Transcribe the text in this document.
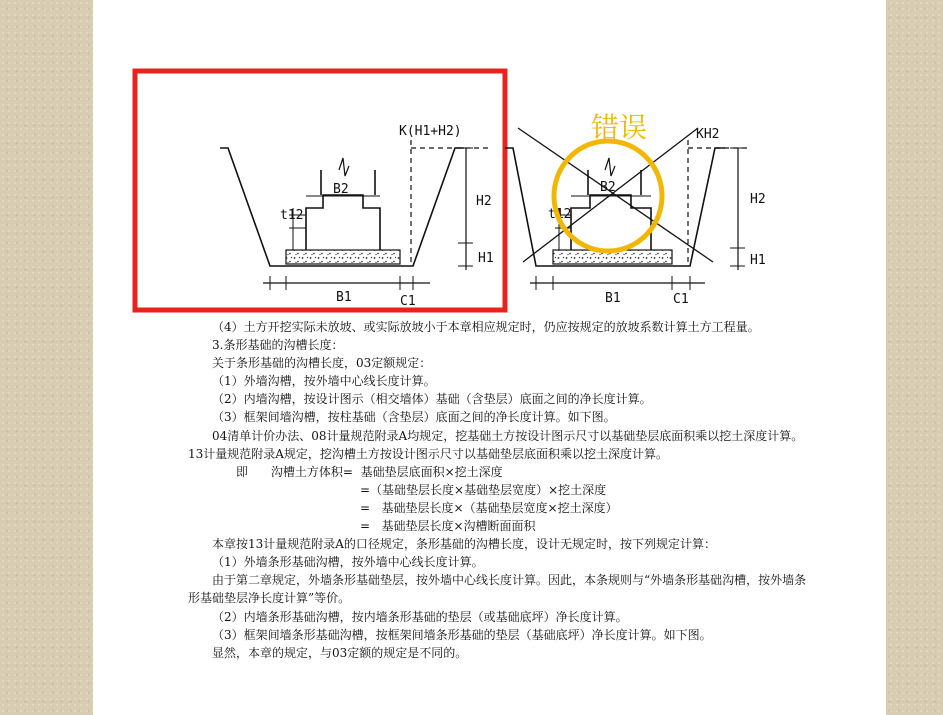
K(H1+H2)
H2
H1
B2
t12
B1	C1
KH2
H2
H1
B2
t12
B1	C1
错误

（4）土方开挖实际未放坡、或实际放坡小于本章相应规定时，仍应按规定的放坡系数计算土方工程量。

3.条形基础的沟槽长度：

关于条形基础的沟槽长度，03定额规定：

（1）外墙沟槽，按外墙中心线长度计算。

（2）内墙沟槽，按设计图示（相交墙体）基础（含垫层）底面之间的净长度计算。

（3）框架间墙沟槽，按柱基础（含垫层）底面之间的净长度计算。如下图。

04清单计价办法、08计量规范附录A均规定，挖基础土方按设计图示尺寸以基础垫层底面积乘以挖土深度计算。13计量规范附录A规定，挖沟槽土方按设计图示尺寸以基础垫层底面积乘以挖土深度计算。

即      沟槽土方体积=  基础垫层底面积×挖土深度

=（基础垫层长度×基础垫层宽度）×挖土深度

=   基础垫层长度×（基础垫层宽度×挖土深度）

=   基础垫层长度×沟槽断面面积

本章按13计量规范附录A的口径规定，条形基础的沟槽长度，设计无规定时，按下列规定计算：

（1）外墙条形基础沟槽，按外墙中心线长度计算。

由于第二章规定，外墙条形基础垫层，按外墙中心线长度计算。因此，本条规则与“外墙条形基础沟槽，按外墙条形基础垫层净长度计算”等价。

（2）内墙条形基础沟槽，按内墙条形基础的垫层（或基础底坪）净长度计算。

（3）框架间墙条形基础沟槽，按框架间墙条形基础的垫层（基础底坪）净长度计算。如下图。

显然，本章的规定，与03定额的规定是不同的。
